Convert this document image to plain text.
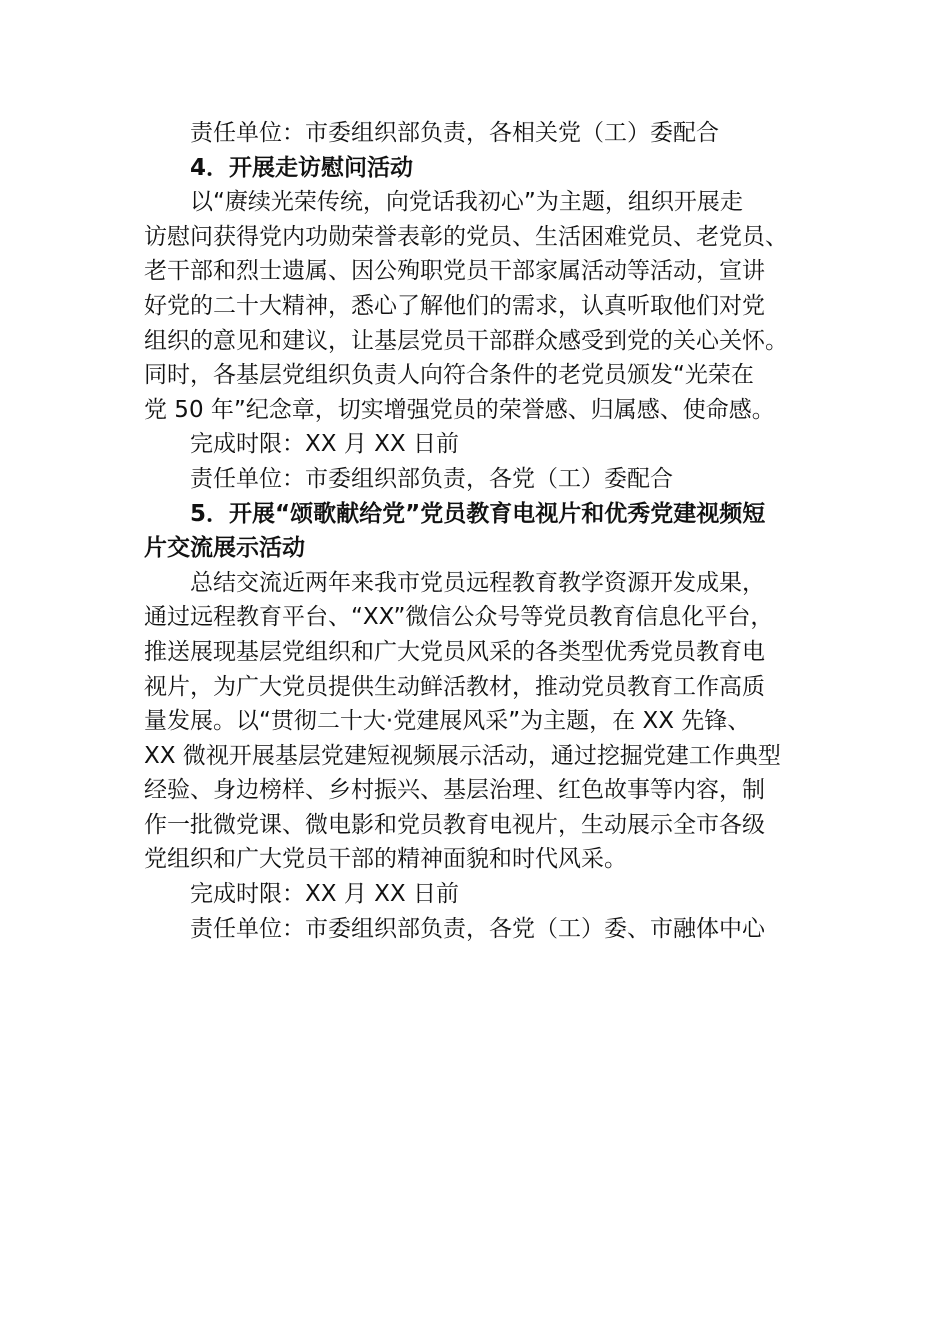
责任单位：市委组织部负责，各相关党（工）委配合

4．开展走访慰问活动

以“赓续光荣传统，向党话我初心”为主题，组织开展走

访慰问获得党内功勋荣誉表彰的党员、生活困难党员、老党员、

老干部和烈士遗属、因公殉职党员干部家属活动等活动，宣讲

好党的二十大精神，悉心了解他们的需求，认真听取他们对党

组织的意见和建议，让基层党员干部群众感受到党的关心关怀。

同时，各基层党组织负责人向符合条件的老党员颁发“光荣在

党 50 年”纪念章，切实增强党员的荣誉感、归属感、使命感。

完成时限：XX 月 XX 日前

责任单位：市委组织部负责，各党（工）委配合

5．开展“颂歌献给党”党员教育电视片和优秀党建视频短

片交流展示活动

总结交流近两年来我市党员远程教育教学资源开发成果，

通过远程教育平台、“XX”微信公众号等党员教育信息化平台，

推送展现基层党组织和广大党员风采的各类型优秀党员教育电

视片，为广大党员提供生动鲜活教材，推动党员教育工作高质

量发展。以“贯彻二十大·党建展风采”为主题，在 XX 先锋、

XX 微视开展基层党建短视频展示活动，通过挖掘党建工作典型

经验、身边榜样、乡村振兴、基层治理、红色故事等内容，制

作一批微党课、微电影和党员教育电视片，生动展示全市各级

党组织和广大党员干部的精神面貌和时代风采。

完成时限：XX 月 XX 日前

责任单位：市委组织部负责，各党（工）委、市融体中心
